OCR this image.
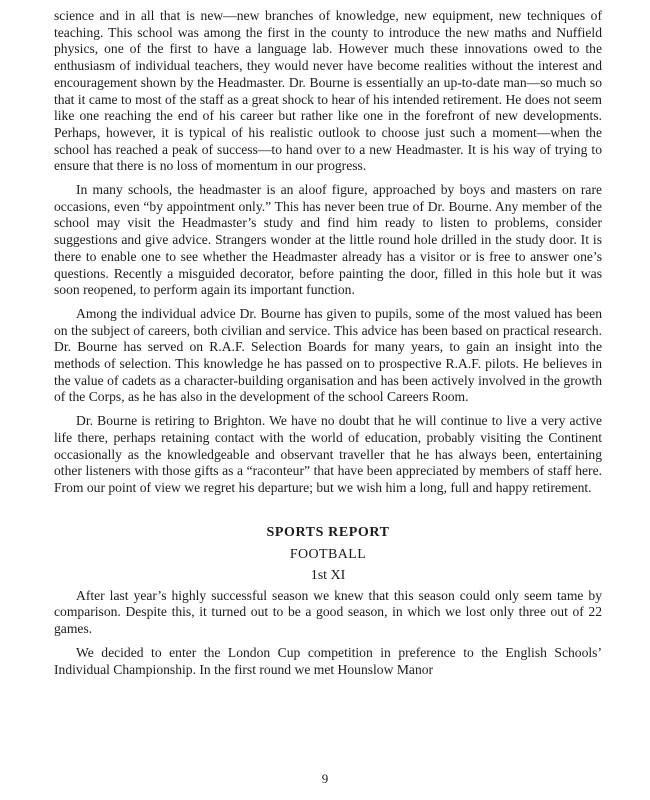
science and in all that is new—new branches of knowledge, new equipment, new techniques of teaching. This school was among the first in the county to introduce the new maths and Nuffield physics, one of the first to have a language lab. However much these innovations owed to the enthusiasm of individual teachers, they would never have become realities without the interest and encouragement shown by the Headmaster. Dr. Bourne is essentially an up-to-date man—so much so that it came to most of the staff as a great shock to hear of his intended retirement. He does not seem like one reaching the end of his career but rather like one in the forefront of new developments. Perhaps, however, it is typical of his realistic outlook to choose just such a moment—when the school has reached a peak of success—to hand over to a new Headmaster. It is his way of trying to ensure that there is no loss of momentum in our progress.

In many schools, the headmaster is an aloof figure, approached by boys and masters on rare occasions, even “by appointment only.” This has never been true of Dr. Bourne. Any member of the school may visit the Headmaster’s study and find him ready to listen to problems, consider suggestions and give advice. Strangers wonder at the little round hole drilled in the study door. It is there to enable one to see whether the Headmaster already has a visitor or is free to answer one’s questions. Recently a misguided decorator, before painting the door, filled in this hole but it was soon reopened, to perform again its important function.

Among the individual advice Dr. Bourne has given to pupils, some of the most valued has been on the subject of careers, both civilian and service. This advice has been based on practical research. Dr. Bourne has served on R.A.F. Selection Boards for many years, to gain an insight into the methods of selection. This knowledge he has passed on to prospective R.A.F. pilots. He believes in the value of cadets as a character-building organisation and has been actively involved in the growth of the Corps, as he has also in the development of the school Careers Room.

Dr. Bourne is retiring to Brighton. We have no doubt that he will continue to live a very active life there, perhaps retaining contact with the world of education, probably visiting the Continent occasionally as the knowledgeable and observant traveller that he has always been, entertaining other listeners with those gifts as a “raconteur” that have been appreciated by members of staff here. From our point of view we regret his departure; but we wish him a long, full and happy retirement.

SPORTS REPORT
FOOTBALL
1st XI

After last year’s highly successful season we knew that this season could only seem tame by comparison. Despite this, it turned out to be a good season, in which we lost only three out of 22 games.

We decided to enter the London Cup competition in preference to the English Schools’ Individual Championship. In the first round we met Hounslow Manor

9
